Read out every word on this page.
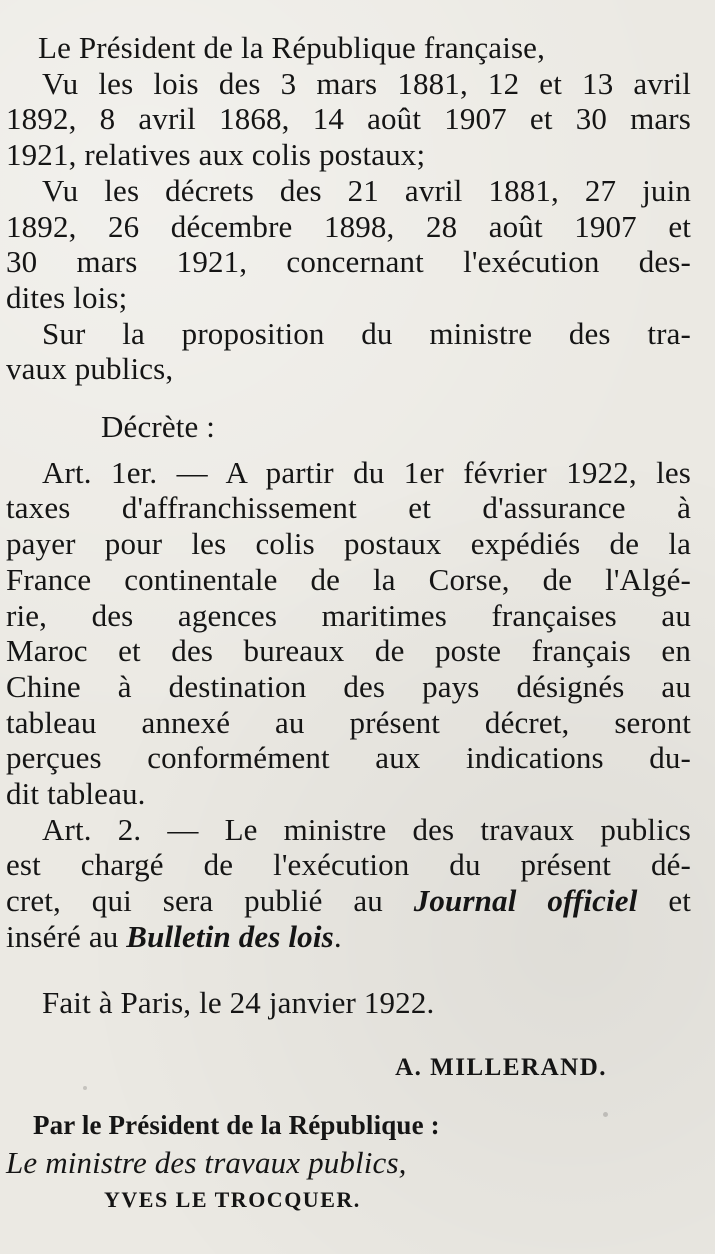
Le Président de la République française,
Vu les lois des 3 mars 1881, 12 et 13 avril
1892, 8 avril 1868, 14 août 1907 et 30 mars
1921, relatives aux colis postaux;
Vu les décrets des 21 avril 1881, 27 juin
1892, 26 décembre 1898, 28 août 1907 et
30 mars 1921, concernant l'exécution des-
dites lois;
Sur la proposition du ministre des tra-
vaux publics,
Décrète :
Art. 1er. — A partir du 1er février 1922, les
taxes d'affranchissement et d'assurance à
payer pour les colis postaux expédiés de la
France continentale de la Corse, de l'Algé-
rie, des agences maritimes françaises au
Maroc et des bureaux de poste français en
Chine à destination des pays désignés au
tableau annexé au présent décret, seront
perçues conformément aux indications du-
dit tableau.
Art. 2. — Le ministre des travaux publics
est chargé de l'exécution du présent dé-
cret, qui sera publié au Journal officiel et
inséré au Bulletin des lois.
Fait à Paris, le 24 janvier 1922.
A. MILLERAND.
Par le Président de la République :
Le ministre des travaux publics,
YVES LE TROCQUER.
